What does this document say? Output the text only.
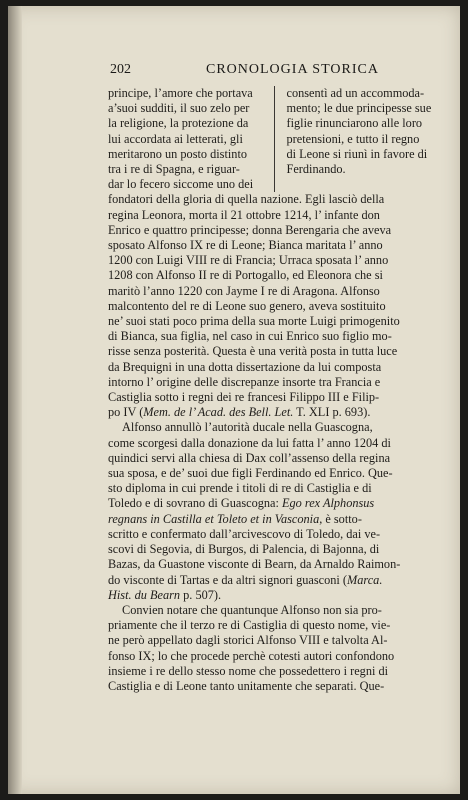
202	CRONOLOGIA STORICA
principe, l’amore che portava
a’suoi sudditi, il suo zelo per
la religione, la protezione da
lui accordata ai letterati, gli
meritarono un posto distinto
tra i re di Spagna, e riguar-
dar lo fecero siccome uno dei
consentì ad un accommoda-
mento; le due principesse sue
figlie rinunciarono alle loro
pretensioni, e tutto il regno
di Leone si riunì in favore di
Ferdinando.
fondatori della gloria di quella nazione. Egli lasciò della
regina Leonora, morta il 21 ottobre 1214, l’ infante don
Enrico e quattro principesse; donna Berengaria che aveva
sposato Alfonso IX re di Leone; Bianca maritata l’ anno
1200 con Luigi VIII re di Francia; Urraca sposata l’ anno
1208 con Alfonso II re di Portogallo, ed Eleonora che si
maritò l’anno 1220 con Jayme I re di Aragona. Alfonso
malcontento del re di Leone suo genero, aveva sostituito
ne’ suoi stati poco prima della sua morte Luigi primogenito
di Bianca, sua figlia, nel caso in cui Enrico suo figlio mo-
risse senza posterità. Questa è una verità posta in tutta luce
da Brequigni in una dotta dissertazione da lui composta
intorno l’ origine delle discrepanze insorte tra Francia e
Castiglia sotto i regni dei re francesi Filippo III e Filip-
po IV (Mem. de l’ Acad. des Bell. Let. T. XLI p. 693).
Alfonso annullò l’autorità ducale nella Guascogna,
come scorgesi dalla donazione da lui fatta l’ anno 1204 di
quindici servi alla chiesa di Dax coll’assenso della regina
sua sposa, e de’ suoi due figli Ferdinando ed Enrico. Que-
sto diploma in cui prende i titoli di re di Castiglia e di
Toledo e di sovrano di Guascogna: Ego rex Alphonsus
regnans in Castilla et Toleto et in Vasconia, è sotto-
scritto e confermato dall’arcivescovo di Toledo, dai ve-
scovi di Segovia, di Burgos, di Palencia, di Bajonna, di
Bazas, da Guastone visconte di Bearn, da Arnaldo Raimon-
do visconte di Tartas e da altri signori guasconi (Marca.
Hist. du Bearn p. 507).
Convien notare che quantunque Alfonso non sia pro-
priamente che il terzo re di Castiglia di questo nome, vie-
ne però appellato dagli storici Alfonso VIII e talvolta Al-
fonso IX; lo che procede perchè cotesti autori confondono
insieme i re dello stesso nome che possedettero i regni di
Castiglia e di Leone tanto unitamente che separati. Que-
